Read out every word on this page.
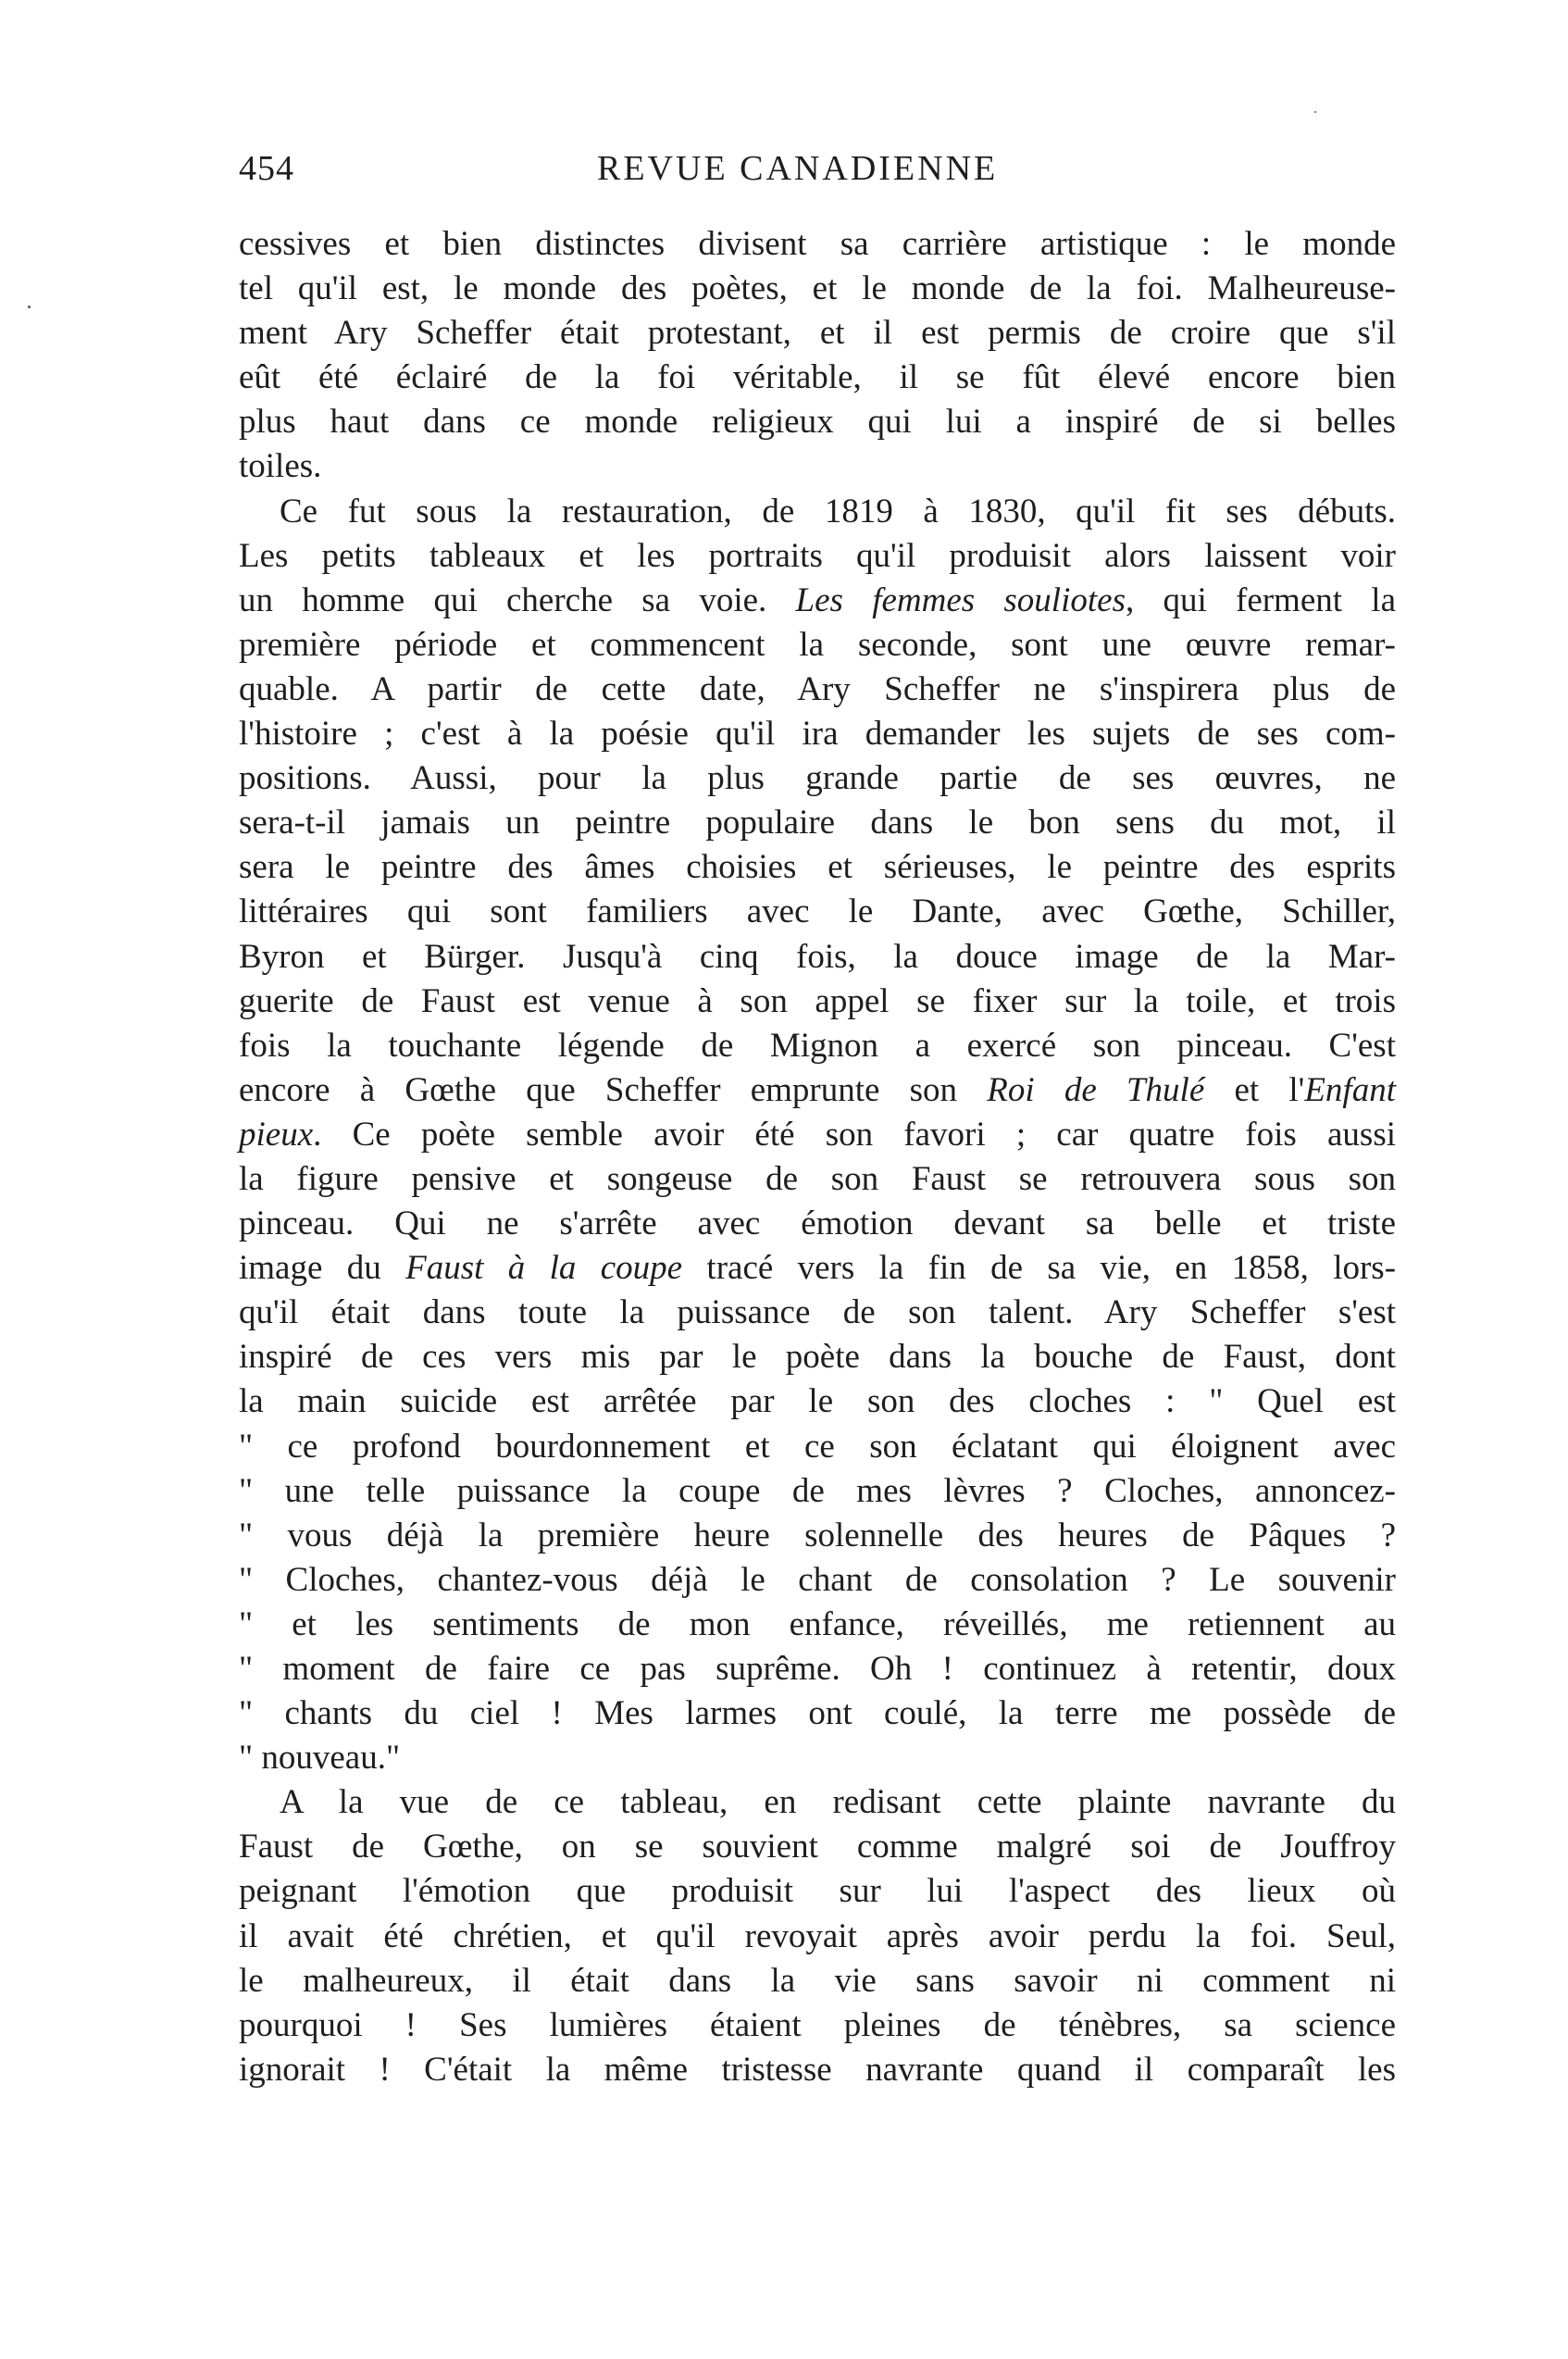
454	REVUE CANADIENNE
cessives et bien distinctes divisent sa carrière artistique : le monde
tel qu'il est, le monde des poètes, et le monde de la foi. Malheureuse-
ment Ary Scheffer était protestant, et il est permis de croire que s'il
eût été éclairé de la foi véritable, il se fût élevé encore bien
plus haut dans ce monde religieux qui lui a inspiré de si belles
toiles.
Ce fut sous la restauration, de 1819 à 1830, qu'il fit ses débuts.
Les petits tableaux et les portraits qu'il produisit alors laissent voir
un homme qui cherche sa voie. Les femmes souliotes, qui ferment la
première période et commencent la seconde, sont une œuvre remar-
quable. A partir de cette date, Ary Scheffer ne s'inspirera plus de
l'histoire ; c'est à la poésie qu'il ira demander les sujets de ses com-
positions. Aussi, pour la plus grande partie de ses œuvres, ne
sera-t-il jamais un peintre populaire dans le bon sens du mot, il
sera le peintre des âmes choisies et sérieuses, le peintre des esprits
littéraires qui sont familiers avec le Dante, avec Gœthe, Schiller,
Byron et Bürger. Jusqu'à cinq fois, la douce image de la Mar-
guerite de Faust est venue à son appel se fixer sur la toile, et trois
fois la touchante légende de Mignon a exercé son pinceau. C'est
encore à Gœthe que Scheffer emprunte son Roi de Thulé et l'Enfant
pieux. Ce poète semble avoir été son favori ; car quatre fois aussi
la figure pensive et songeuse de son Faust se retrouvera sous son
pinceau. Qui ne s'arrête avec émotion devant sa belle et triste
image du Faust à la coupe tracé vers la fin de sa vie, en 1858, lors-
qu'il était dans toute la puissance de son talent. Ary Scheffer s'est
inspiré de ces vers mis par le poète dans la bouche de Faust, dont
la main suicide est arrêtée par le son des cloches : " Quel est
" ce profond bourdonnement et ce son éclatant qui éloignent avec
" une telle puissance la coupe de mes lèvres ? Cloches, annoncez-
" vous déjà la première heure solennelle des heures de Pâques ?
" Cloches, chantez-vous déjà le chant de consolation ? Le souvenir
" et les sentiments de mon enfance, réveillés, me retiennent au
" moment de faire ce pas suprême. Oh ! continuez à retentir, doux
" chants du ciel ! Mes larmes ont coulé, la terre me possède de
" nouveau."
A la vue de ce tableau, en redisant cette plainte navrante du
Faust de Gœthe, on se souvient comme malgré soi de Jouffroy
peignant l'émotion que produisit sur lui l'aspect des lieux où
il avait été chrétien, et qu'il revoyait après avoir perdu la foi. Seul,
le malheureux, il était dans la vie sans savoir ni comment ni
pourquoi ! Ses lumières étaient pleines de ténèbres, sa science
ignorait ! C'était la même tristesse navrante quand il comparaît les
